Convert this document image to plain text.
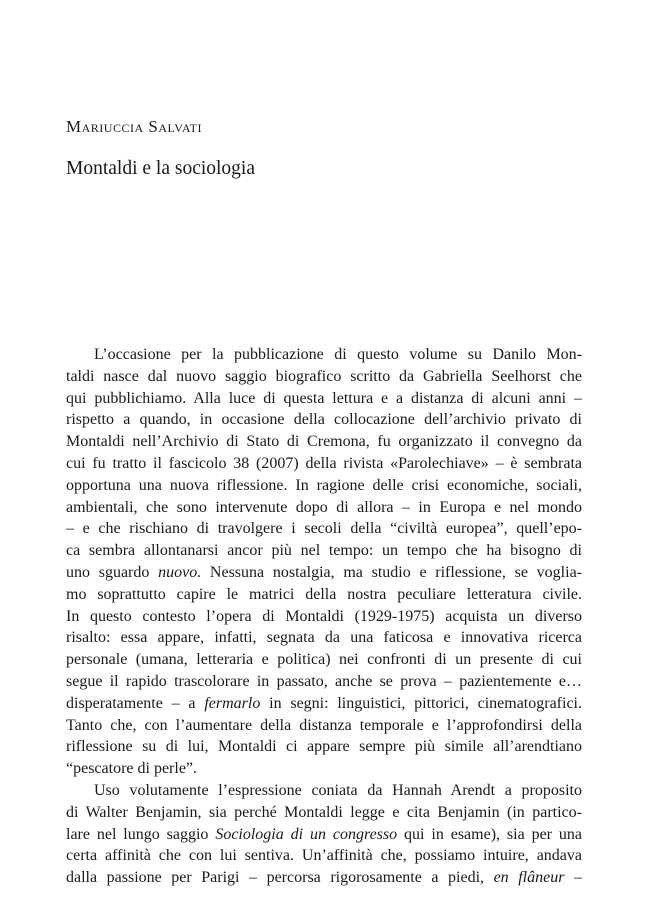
Mariuccia Salvati
Montaldi e la sociologia
L’occasione per la pubblicazione di questo volume su Danilo Mon-
taldi nasce dal nuovo saggio biografico scritto da Gabriella Seelhorst che
qui pubblichiamo. Alla luce di questa lettura e a distanza di alcuni anni –
rispetto a quando, in occasione della collocazione dell’archivio privato di
Montaldi nell’Archivio di Stato di Cremona, fu organizzato il convegno da
cui fu tratto il fascicolo 38 (2007) della rivista «Parolechiave» – è sembrata
opportuna una nuova riflessione. In ragione delle crisi economiche, sociali,
ambientali, che sono intervenute dopo di allora – in Europa e nel mondo
– e che rischiano di travolgere i secoli della “civiltà europea”, quell’epo-
ca sembra allontanarsi ancor più nel tempo: un tempo che ha bisogno di
uno sguardo nuovo. Nessuna nostalgia, ma studio e riflessione, se voglia-
mo soprattutto capire le matrici della nostra peculiare letteratura civile.
In questo contesto l’opera di Montaldi (1929-1975) acquista un diverso
risalto: essa appare, infatti, segnata da una faticosa e innovativa ricerca
personale (umana, letteraria e politica) nei confronti di un presente di cui
segue il rapido trascolorare in passato, anche se prova – pazientemente e…
disperatamente – a fermarlo in segni: linguistici, pittorici, cinematografici.
Tanto che, con l’aumentare della distanza temporale e l’approfondirsi della
riflessione su di lui, Montaldi ci appare sempre più simile all’arendtiano
“pescatore di perle”.
Uso volutamente l’espressione coniata da Hannah Arendt a proposito
di Walter Benjamin, sia perché Montaldi legge e cita Benjamin (in partico-
lare nel lungo saggio Sociologia di un congresso qui in esame), sia per una
certa affinità che con lui sentiva. Un’affinità che, possiamo intuire, andava
dalla passione per Parigi – percorsa rigorosamente a piedi, en flâneur –
